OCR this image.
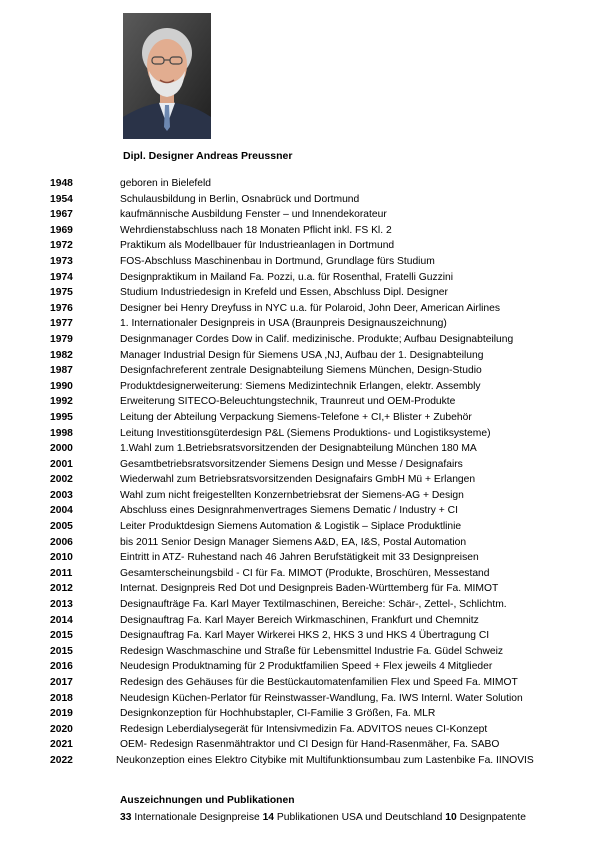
Dipl. Designer Andreas Preussner
1948	geboren in Bielefeld
1954	Schulausbildung in Berlin, Osnabrück und Dortmund
1967	kaufmännische Ausbildung Fenster – und Innendekorateur
1969	Wehrdienstabschluss nach 18 Monaten Pflicht inkl. FS Kl. 2
1972	Praktikum als Modellbauer für Industrieanlagen in Dortmund
1973	FOS-Abschluss Maschinenbau in Dortmund, Grundlage fürs Studium
1974	Designpraktikum in Mailand Fa. Pozzi, u.a. für Rosenthal, Fratelli Guzzini
1975	Studium Industriedesign in Krefeld und Essen, Abschluss Dipl. Designer
1976	Designer bei Henry Dreyfuss in NYC u.a. für Polaroid, John Deer, American Airlines
1977	1. Internationaler Designpreis in USA (Braunpreis Designauszeichnung)
1979	Designmanager Cordes Dow in Calif. medizinische. Produkte; Aufbau Designabteilung
1982	Manager Industrial Design für Siemens USA ,NJ, Aufbau der 1. Designabteilung
1987	Designfachreferent zentrale Designabteilung Siemens München, Design-Studio
1990	Produktdesignerweiterung: Siemens Medizintechnik Erlangen, elektr. Assembly
1992	Erweiterung SITECO-Beleuchtungstechnik, Traunreut und OEM-Produkte
1995	Leitung der Abteilung Verpackung Siemens-Telefone + CI,+ Blister + Zubehör
1998	Leitung Investitionsgüterdesign P&L (Siemens Produktions- und Logistiksysteme)
2000	1.Wahl zum 1.Betriebsratsvorsitzenden der Designabteilung München 180 MA
2001	Gesamtbetriebsratsvorsitzender Siemens Design und Messe / Designafairs
2002	Wiederwahl zum Betriebsratsvorsitzenden Designafairs GmbH Mü + Erlangen
2003	Wahl zum nicht freigestellten Konzernbetriebsrat der Siemens-AG + Design
2004	Abschluss eines Designrahmenvertrages Siemens Dematic / Industry + CI
2005	Leiter Produktdesign Siemens Automation & Logistik – Siplace Produktlinie
2006	bis 2011 Senior Design Manager Siemens A&D, EA, I&S, Postal Automation
2010	Eintritt in ATZ- Ruhestand nach 46 Jahren Berufstätigkeit mit 33 Designpreisen
2011	Gesamterscheinungsbild - CI für Fa. MIMOT (Produkte, Broschüren, Messestand
2012	Internat. Designpreis Red Dot und Designpreis Baden-Württemberg für Fa. MIMOT
2013	Designaufträge Fa. Karl Mayer Textilmaschinen, Bereiche: Schär-, Zettel-, Schlichtm.
2014	Designauftrag Fa. Karl Mayer Bereich Wirkmaschinen, Frankfurt und Chemnitz
2015	Designauftrag Fa. Karl Mayer Wirkerei HKS 2, HKS 3 und HKS 4 Übertragung CI
2015	Redesign Waschmaschine und Straße für Lebensmittel Industrie Fa. Güdel Schweiz
2016	Neudesign Produktnaming für 2 Produktfamilien Speed + Flex jeweils 4 Mitglieder
2017	Redesign des Gehäuses für die Bestückautomatenfamilien Flex und Speed Fa. MIMOT
2018	Neudesign Küchen-Perlator für Reinstwasser-Wandlung, Fa. IWS Internl. Water Solution
2019	Designkonzeption für Hochhubstapler, CI-Familie 3 Größen, Fa. MLR
2020	Redesign Leberdialysegerät für Intensivmedizin Fa. ADVITOS neues CI-Konzept
2021	OEM- Redesign Rasenmähtraktor und CI Design für Hand-Rasenmäher, Fa. SABO
2022	Neukonzeption eines Elektro Citybike mit Multifunktionsumbau zum Lastenbike Fa. IINOVIS
Auszeichnungen und Publikationen
33 Internationale Designpreise 14 Publikationen USA und Deutschland 10 Designpatente
